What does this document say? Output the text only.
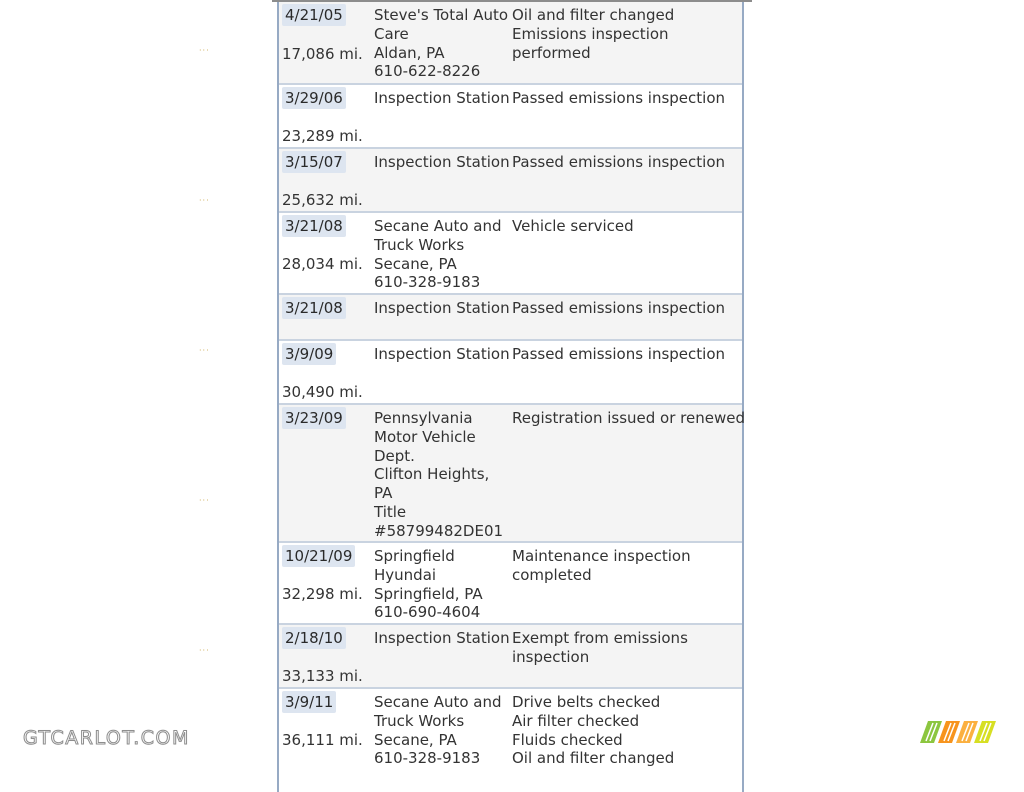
4/21/05
17,086 mi.
Steve's Total Auto
Care
Aldan, PA
610-622-8226
Oil and filter changed
Emissions inspection
performed
3/29/06
23,289 mi.
Inspection Station Passed emissions inspection
3/15/07
25,632 mi.
Inspection Station Passed emissions inspection
3/21/08
28,034 mi.
Secane Auto and
Truck Works
Secane, PA
610-328-9183
Vehicle serviced
3/21/08 Inspection Station Passed emissions inspection
3/9/09
30,490 mi.
Inspection Station Passed emissions inspection
3/23/09 Pennsylvania
Motor Vehicle
Dept.
Clifton Heights,
PA
Title
#58799482DE01
Registration issued or renewed
10/21/09
32,298 mi.
Springfield
Hyundai
Springfield, PA
610-690-4604
Maintenance inspection
completed
2/18/10
33,133 mi.
Inspection Station Exempt from emissions
inspection
3/9/11
36,111 mi.
Secane Auto and
Truck Works
Secane, PA
610-328-9183
Drive belts checked
Air filter checked
Fluids checked
Oil and filter changed
···
···
···
···
···
GTCARLOT.COM
